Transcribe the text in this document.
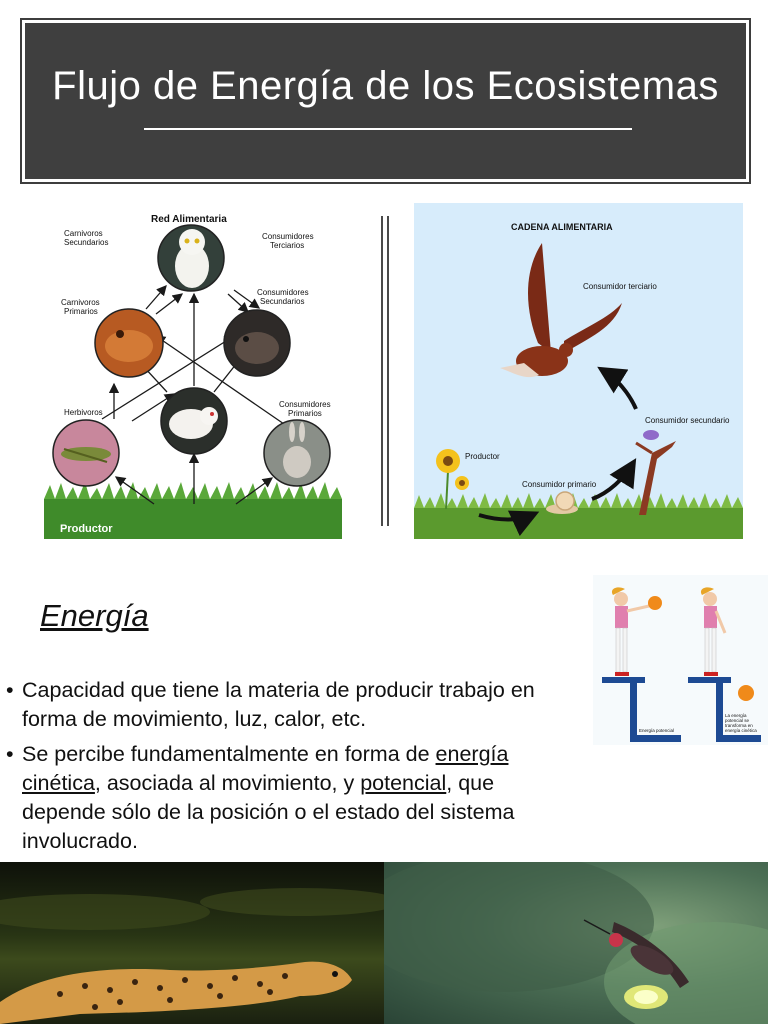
Flujo de Energía de los Ecosistemas
Red Alimentaria
Carnivoros
Secundarios
Consumidores
Terciarios
Carnivoros
Primarios
Consumidores
Secundarios
Herbivoros
Consumidores
Primarios
Productor
CADENA ALIMENTARIA
Consumidor terciario
Consumidor secundario
Consumidor primario
Productor
Energía
• Capacidad que tiene la materia de producir trabajo en forma de movimiento, luz, calor, etc.
• Se percibe fundamentalmente en forma de energía cinética, asociada al movimiento, y potencial, que depende sólo de la posición o el estado del sistema involucrado.
Energía potencial
La energía
potencial se
transforma en
energía cinética
